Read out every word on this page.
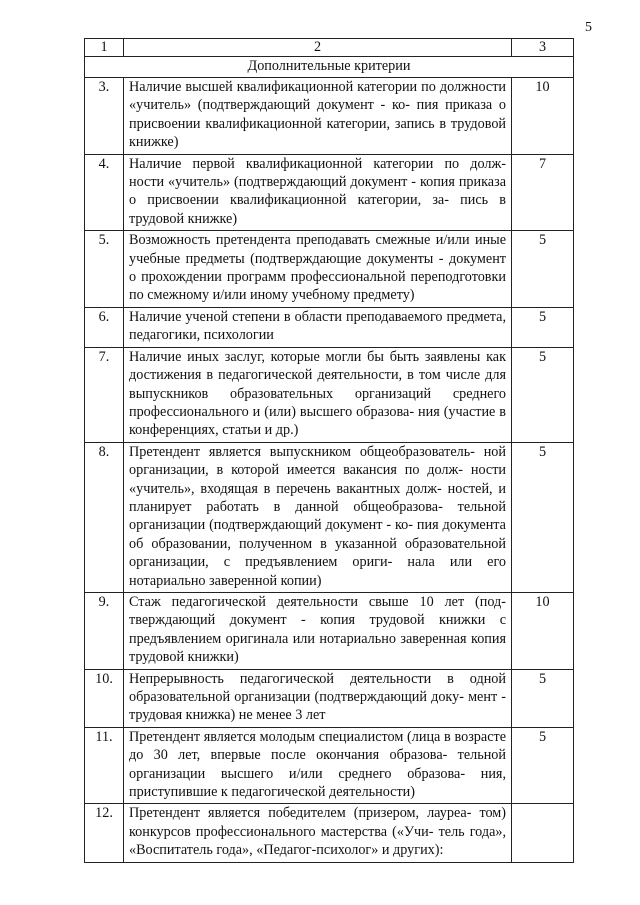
5
1	2	3
Дополнительные критерии		
3.	Наличие высшей квалификационной категории по должности «учитель» (подтверждающий документ - ко- пия приказа о присвоении квалификационной категории, запись в трудовой книжке)	10
4.	Наличие первой квалификационной категории по долж- ности «учитель» (подтверждающий документ - копия приказа о присвоении квалификационной категории, за- пись в трудовой книжке)	7
5.	Возможность претендента преподавать смежные и/или иные учебные предметы (подтверждающие документы - документ о прохождении программ профессиональной переподготовки по смежному и/или иному учебному предмету)	5
6.	Наличие ученой степени в области преподаваемого предмета, педагогики, психологии	5
7.	Наличие иных заслуг, которые могли бы быть заявлены как достижения в педагогической деятельности, в том числе для выпускников образовательных организаций среднего профессионального и (или) высшего образова- ния (участие в конференциях, статьи и др.)	5
8.	Претендент является выпускником общеобразователь- ной организации, в которой имеется вакансия по долж- ности «учитель», входящая в перечень вакантных долж- ностей, и планирует работать в данной общеобразова- тельной организации (подтверждающий документ - ко- пия документа об образовании, полученном в указанной образовательной организации, с предъявлением ориги- нала или его нотариально заверенной копии)	5
9.	Стаж педагогической деятельности свыше 10 лет (под- тверждающий документ - копия трудовой книжки с предъявлением оригинала или нотариально заверенная копия трудовой книжки)	10
10.	Непрерывность педагогической деятельности в одной образовательной организации (подтверждающий доку- мент - трудовая книжка) не менее 3 лет	5
11.	Претендент является молодым специалистом (лица в возрасте до 30 лет, впервые после окончания образова- тельной организации высшего и/или среднего образова- ния, приступившие к педагогической деятельности)	5
12.	Претендент является победителем (призером, лауреа- том) конкурсов профессионального мастерства («Учи- тель года», «Воспитатель года», «Педагог-психолог» и других):	
